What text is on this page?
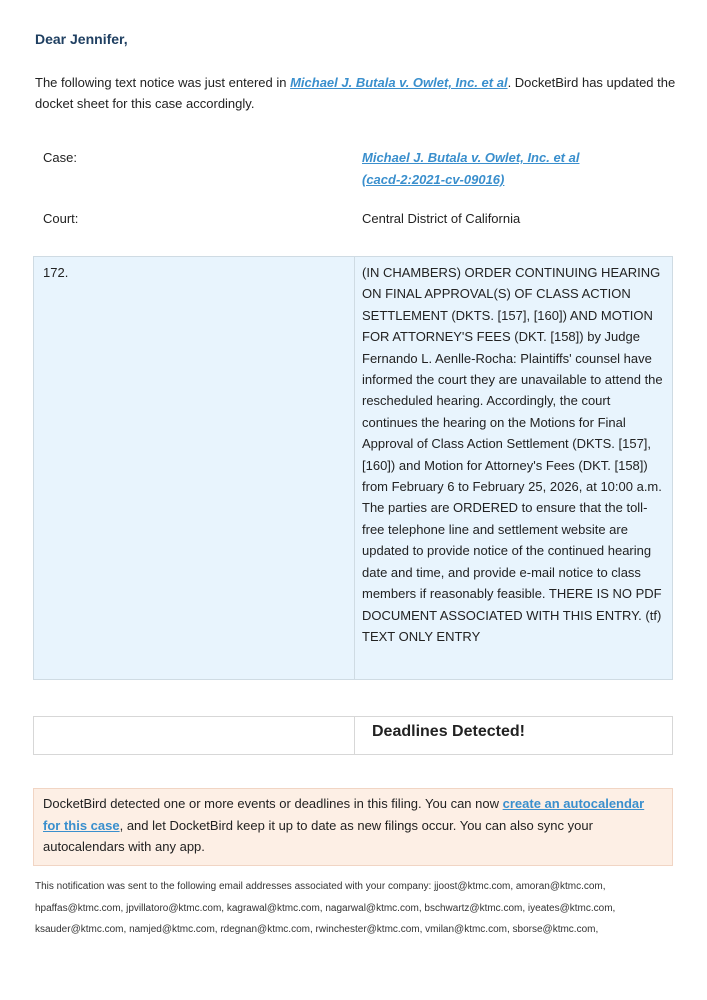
Dear Jennifer,
The following text notice was just entered in Michael J. Butala v. Owlet, Inc. et al. DocketBird has updated the docket sheet for this case accordingly.
Case:	Michael J. Butala v. Owlet, Inc. et al
(cacd-2:2021-cv-09016)
Court:	Central District of California
172.	(IN CHAMBERS) ORDER CONTINUING HEARING ON FINAL APPROVAL(S) OF CLASS ACTION SETTLEMENT (DKTS. [157], [160]) AND MOTION FOR ATTORNEY'S FEES (DKT. [158]) by Judge Fernando L. Aenlle-Rocha: Plaintiffs' counsel have informed the court they are unavailable to attend the rescheduled hearing. Accordingly, the court continues the hearing on the Motions for Final Approval of Class Action Settlement (DKTS. [157], [160]) and Motion for Attorney's Fees (DKT. [158]) from February 6 to February 25, 2026, at 10:00 a.m. The parties are ORDERED to ensure that the toll-free telephone line and settlement website are updated to provide notice of the continued hearing date and time, and provide e-mail notice to class members if reasonably feasible. THERE IS NO PDF DOCUMENT ASSOCIATED WITH THIS ENTRY. (tf) TEXT ONLY ENTRY
Deadlines Detected!
DocketBird detected one or more events or deadlines in this filing. You can now create an autocalendar for this case, and let DocketBird keep it up to date as new filings occur. You can also sync your autocalendars with any app.
This notification was sent to the following email addresses associated with your company: jjoost@ktmc.com, amoran@ktmc.com, hpaffas@ktmc.com, jpvillatoro@ktmc.com, kagrawal@ktmc.com, nagarwal@ktmc.com, bschwartz@ktmc.com, iyeates@ktmc.com, ksauder@ktmc.com, namjed@ktmc.com, rdegnan@ktmc.com, rwinchester@ktmc.com, vmilan@ktmc.com, sborse@ktmc.com,
